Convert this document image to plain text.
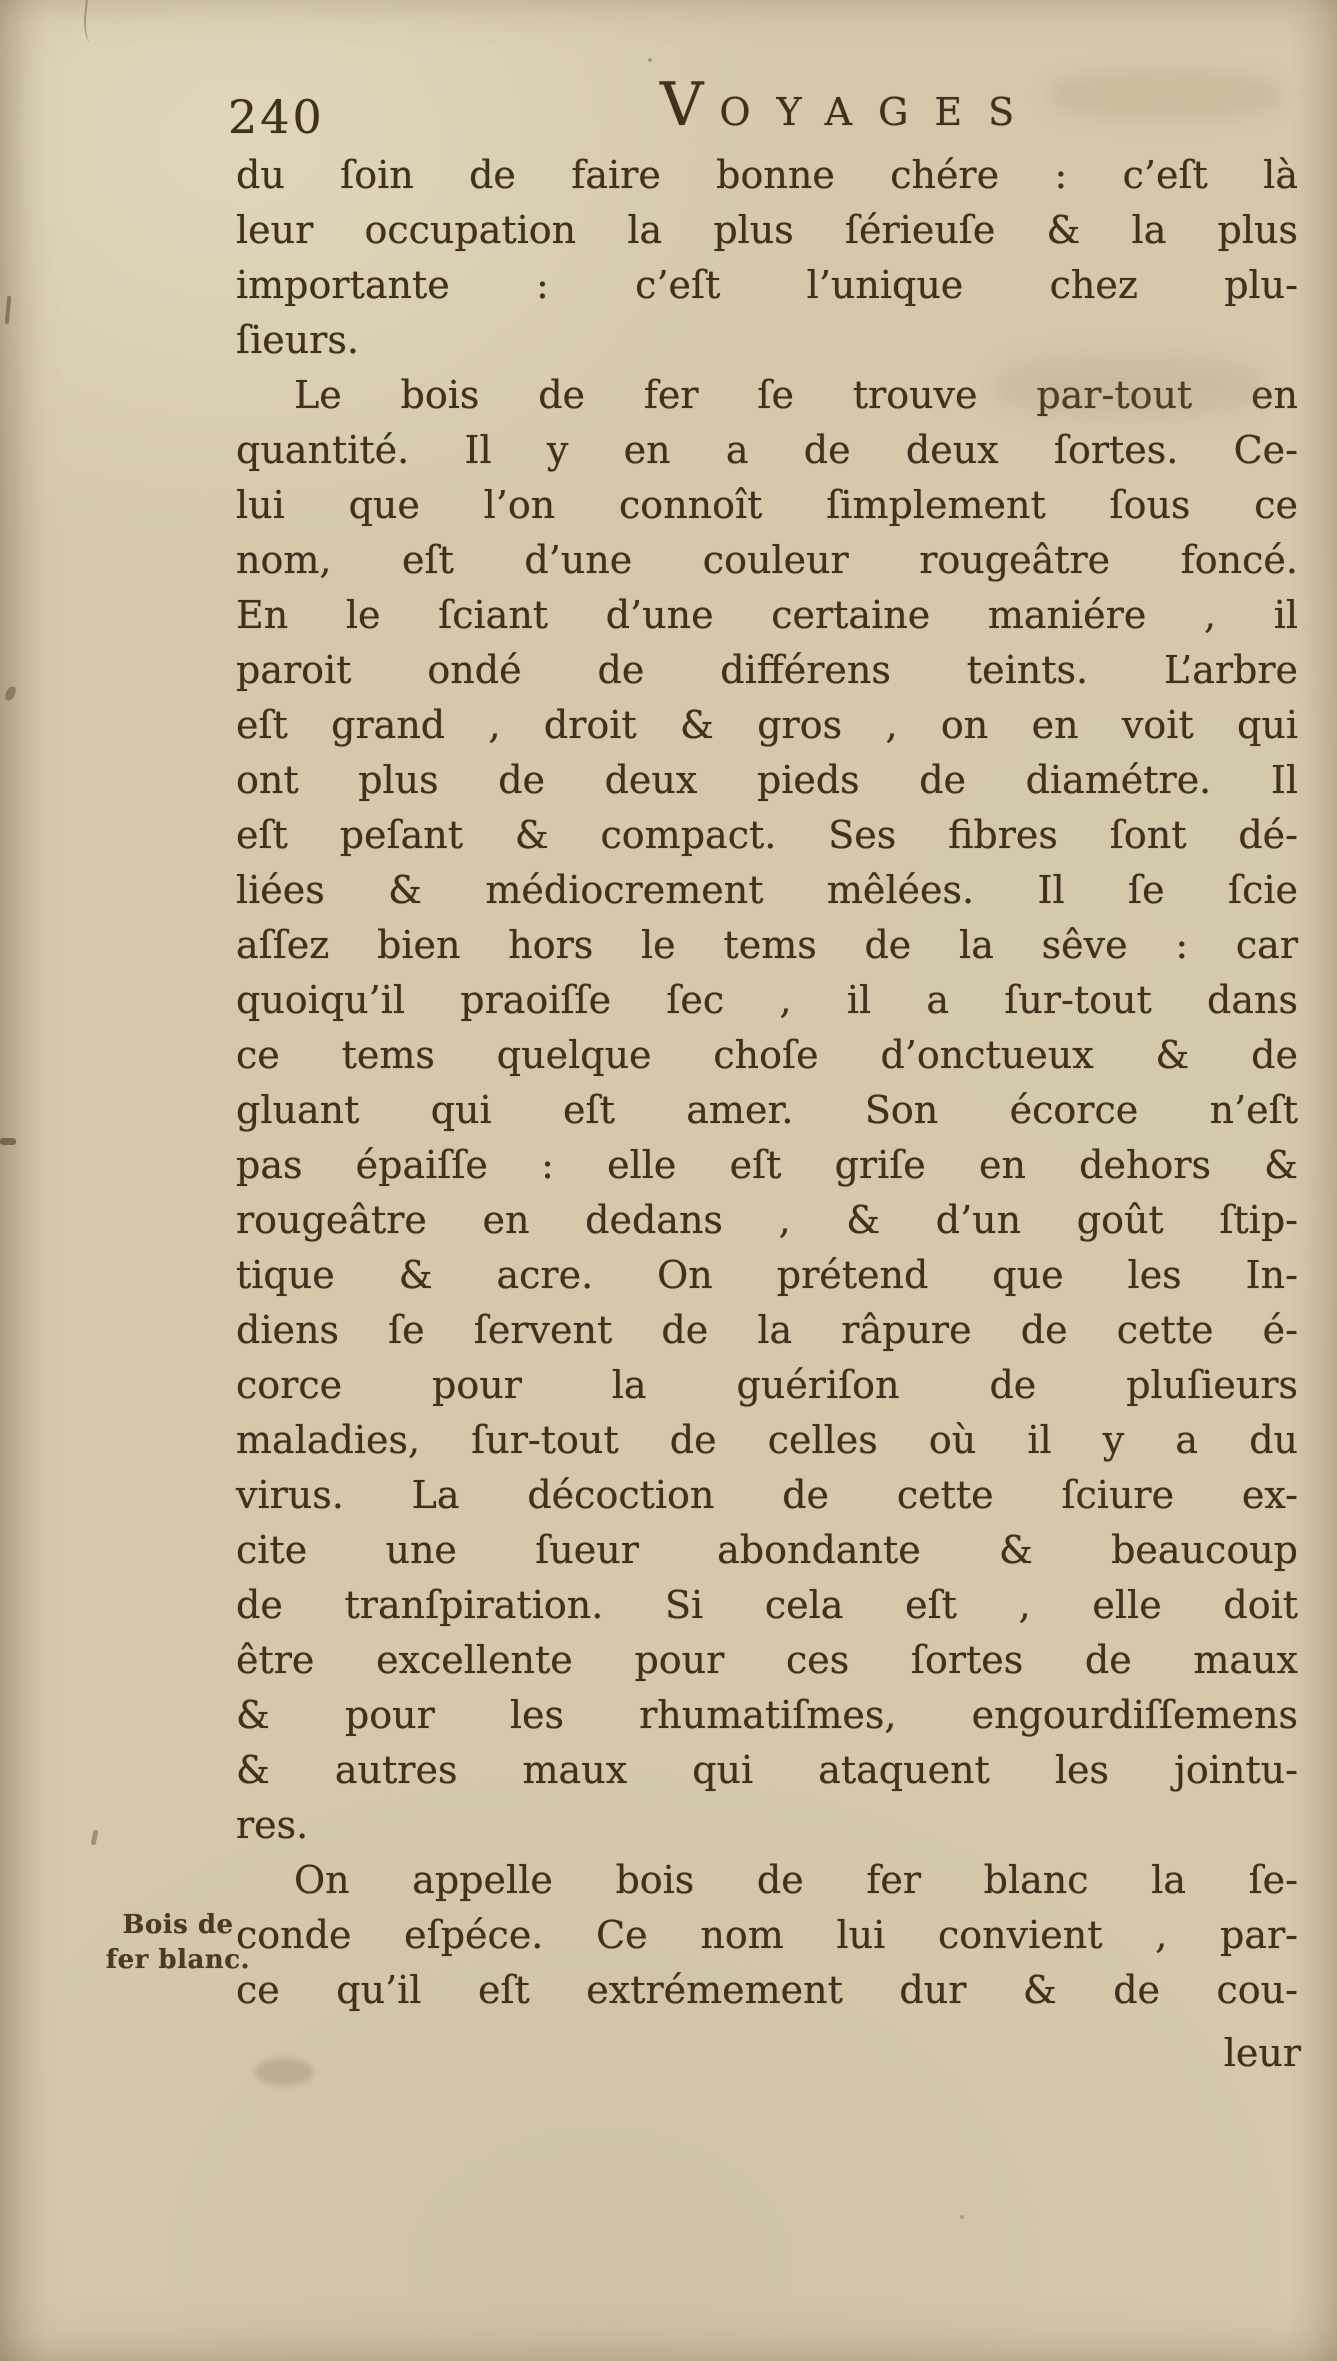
240	VOYAGES
du ſoin de faire bonne chére : c’eſt là
leur occupation la plus ſérieuſe & la plus
importante : c’eſt l’unique chez plu-
ſieurs.
Le bois de fer ſe trouve par-tout en
quantité. Il y en a de deux ſortes. Ce-
lui que l’on connoît ſimplement ſous ce
nom, eſt d’une couleur rougeâtre foncé.
En le ſciant d’une certaine maniére , il
paroit ondé de différens teints. L’arbre
eſt grand , droit & gros , on en voit qui
ont plus de deux pieds de diamétre. Il
eſt peſant & compact. Ses fibres ſont dé-
liées & médiocrement mêlées. Il ſe ſcie
aſſez bien hors le tems de la sêve : car
quoiqu’il praoiſſe ſec , il a ſur-tout dans
ce tems quelque choſe d’onctueux & de
gluant qui eſt amer. Son écorce n’eſt
pas épaiſſe : elle eſt griſe en dehors &
rougeâtre en dedans , & d’un goût ſtip-
tique & acre. On prétend que les In-
diens ſe ſervent de la râpure de cette é-
corce pour la guériſon de pluſieurs
maladies, ſur-tout de celles où il y a du
virus. La décoction de cette ſciure ex-
cite une ſueur abondante & beaucoup
de tranſpiration. Si cela eſt , elle doit
être excellente pour ces ſortes de maux
& pour les rhumatiſmes, engourdiſſemens
& autres maux qui ataquent les jointu-
res.
On appelle bois de fer blanc la ſe-
conde eſpéce. Ce nom lui convient , par-
ce qu’il eſt extrémement dur & de cou-
Bois de
fer blanc.
leur
